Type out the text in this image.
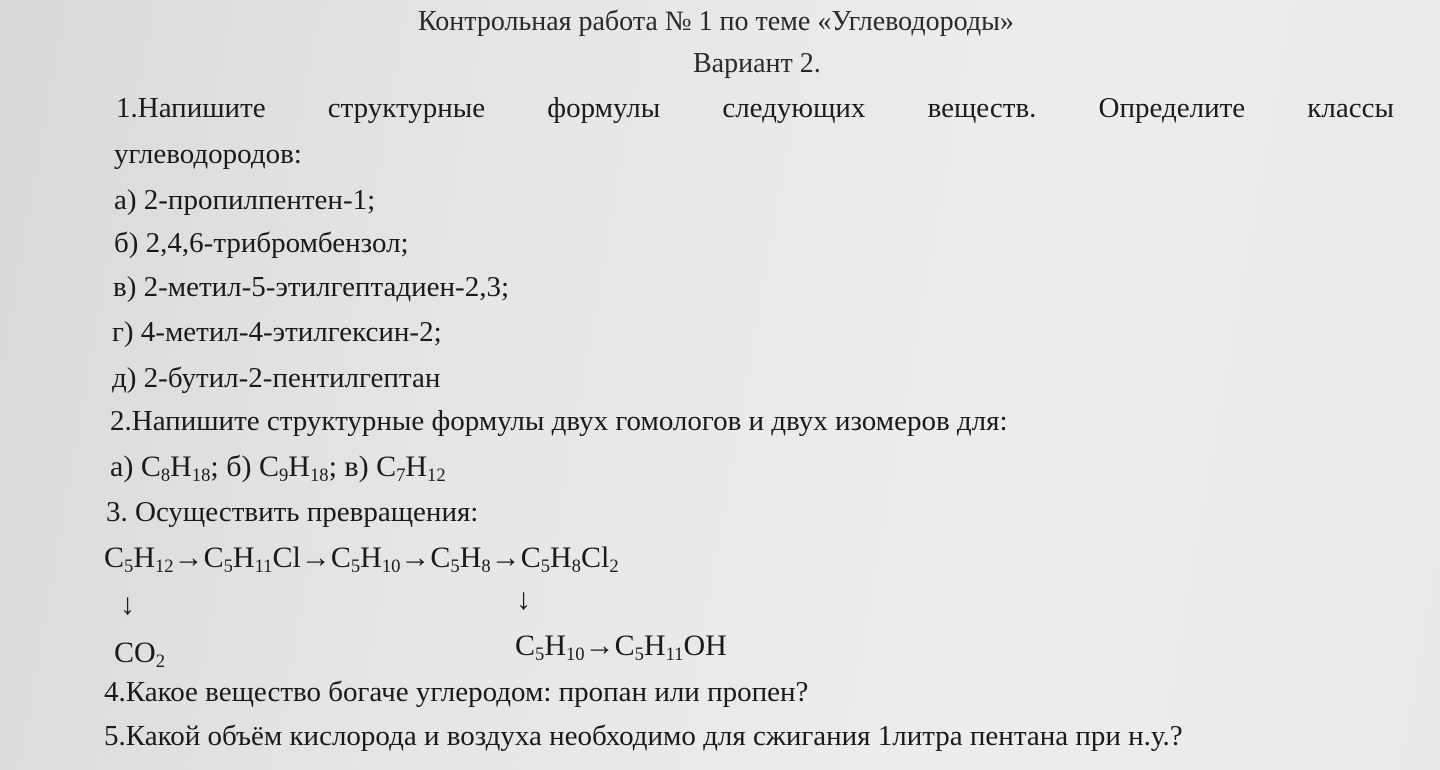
Контрольная работа № 1 по теме «Углеводороды»
Вариант 2.
1.Напишите структурные формулы следующих веществ. Определите классы
углеводородов:
а) 2-пропилпентен-1;
б) 2,4,6-трибромбензол;
в) 2-метил-5-этилгептадиен-2,3;
г) 4-метил-4-этилгексин-2;
д) 2-бутил-2-пентилгептан
2.Напишите структурные формулы двух гомологов и двух изомеров для:
а) $C_8H_{18}$; б) $C_9H_{18}$; в) $C_7H_{12}$
3. Осуществить превращения:
$C_5H_{12}\to C_5H_{11}Cl\to C_5H_{10}\to C_5H_8\to C_5H_8Cl_2$
↓	↓
$CO_2$	$C_5H_{10}\to C_5H_{11}OH$
4.Какое вещество богаче углеродом: пропан или пропен?
5.Какой объём кислорода и воздуха необходимо для сжигания 1литра пентана при н.у.?
